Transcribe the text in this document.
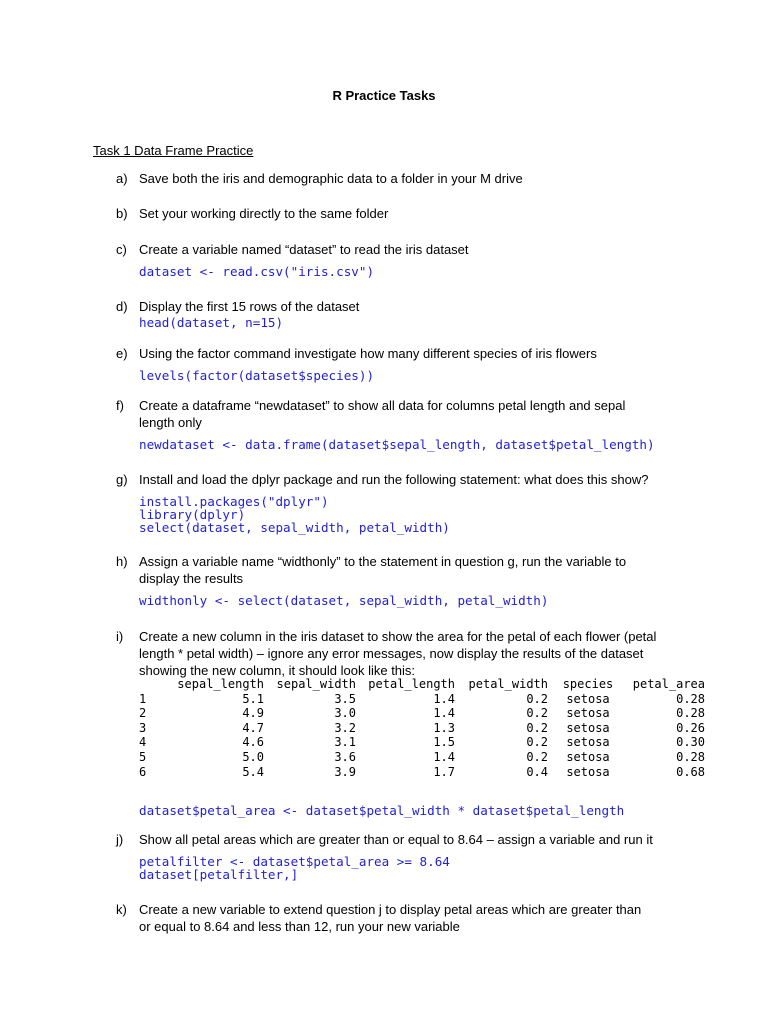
R Practice Tasks
Task 1 Data Frame Practice
a) Save both the iris and demographic data to a folder in your M drive
b) Set your working directly to the same folder
c) Create a variable named “dataset” to read the iris dataset
dataset <- read.csv("iris.csv")
d) Display the first 15 rows of the dataset
head(dataset, n=15)
e) Using the factor command investigate how many different species of iris flowers
levels(factor(dataset$species))
f)	Create a dataframe “newdataset” to show all data for columns petal length and sepal length only
newdataset <- data.frame(dataset$sepal_length, dataset$petal_length)
g) Install and load the dplyr package and run the following statement: what does this show?
install.packages("dplyr")
library(dplyr)
select(dataset, sepal_width, petal_width)
h) Assign a variable name “widthonly” to the statement in question g, run the variable to display the results
widthonly <- select(dataset, sepal_width, petal_width)
i)	Create a new column in the iris dataset to show the area for the petal of each flower (petal length * petal width) – ignore any error messages, now display the results of the dataset showing the new column, it should look like this:
	sepal_length	sepal_width	petal_length	petal_width	species	petal_area
1	5.1	3.5	1.4	0.2	setosa	0.28
2	4.9	3.0	1.4	0.2	setosa	0.28
3	4.7	3.2	1.3	0.2	setosa	0.26
4	4.6	3.1	1.5	0.2	setosa	0.30
5	5.0	3.6	1.4	0.2	setosa	0.28
6	5.4	3.9	1.7	0.4	setosa	0.68
dataset$petal_area <- dataset$petal_width * dataset$petal_length
j)	Show all petal areas which are greater than or equal to 8.64 – assign a variable and run it
petalfilter <- dataset$petal_area >= 8.64
dataset[petalfilter,]
k) Create a new variable to extend question j to display petal areas which are greater than or equal to 8.64 and less than 12, run your new variable
